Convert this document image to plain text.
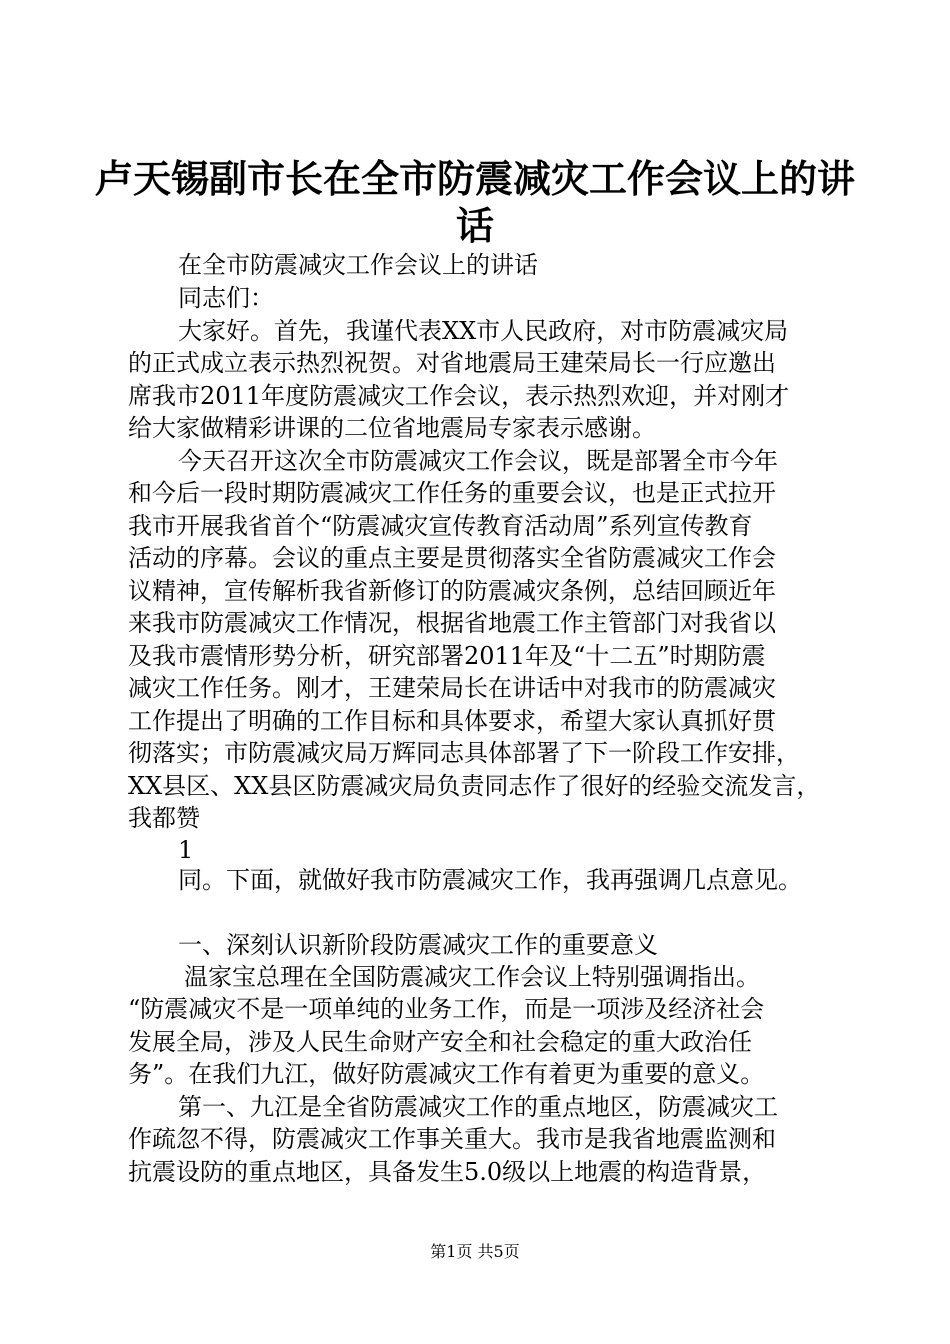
卢天锡副市长在全市防震减灾工作会议上的讲
话
在全市防震减灾工作会议上的讲话
同志们：
大家好。首先，我谨代表XX市人民政府，对市防震减灾局
的正式成立表示热烈祝贺。对省地震局王建荣局长一行应邀出
席我市2011年度防震减灾工作会议，表示热烈欢迎，并对刚才
给大家做精彩讲课的二位省地震局专家表示感谢。
今天召开这次全市防震减灾工作会议，既是部署全市今年
和今后一段时期防震减灾工作任务的重要会议，也是正式拉开
我市开展我省首个“防震减灾宣传教育活动周”系列宣传教育
活动的序幕。会议的重点主要是贯彻落实全省防震减灾工作会
议精神，宣传解析我省新修订的防震减灾条例，总结回顾近年
来我市防震减灾工作情况，根据省地震工作主管部门对我省以
及我市震情形势分析，研究部署2011年及“十二五”时期防震
减灾工作任务。刚才，王建荣局长在讲话中对我市的防震减灾
工作提出了明确的工作目标和具体要求，希望大家认真抓好贯
彻落实；市防震减灾局万辉同志具体部署了下一阶段工作安排，
XX县区、XX县区防震减灾局负责同志作了很好的经验交流发言，
我都赞
1
同。下面，就做好我市防震减灾工作，我再强调几点意见。
一、深刻认识新阶段防震减灾工作的重要意义
温家宝总理在全国防震减灾工作会议上特别强调指出。
“防震减灾不是一项单纯的业务工作，而是一项涉及经济社会
发展全局，涉及人民生命财产安全和社会稳定的重大政治任
务”。在我们九江，做好防震减灾工作有着更为重要的意义。
第一、九江是全省防震减灾工作的重点地区，防震减灾工
作疏忽不得，防震减灾工作事关重大。我市是我省地震监测和
抗震设防的重点地区，具备发生5.0级以上地震的构造背景，
第1页 共5页
